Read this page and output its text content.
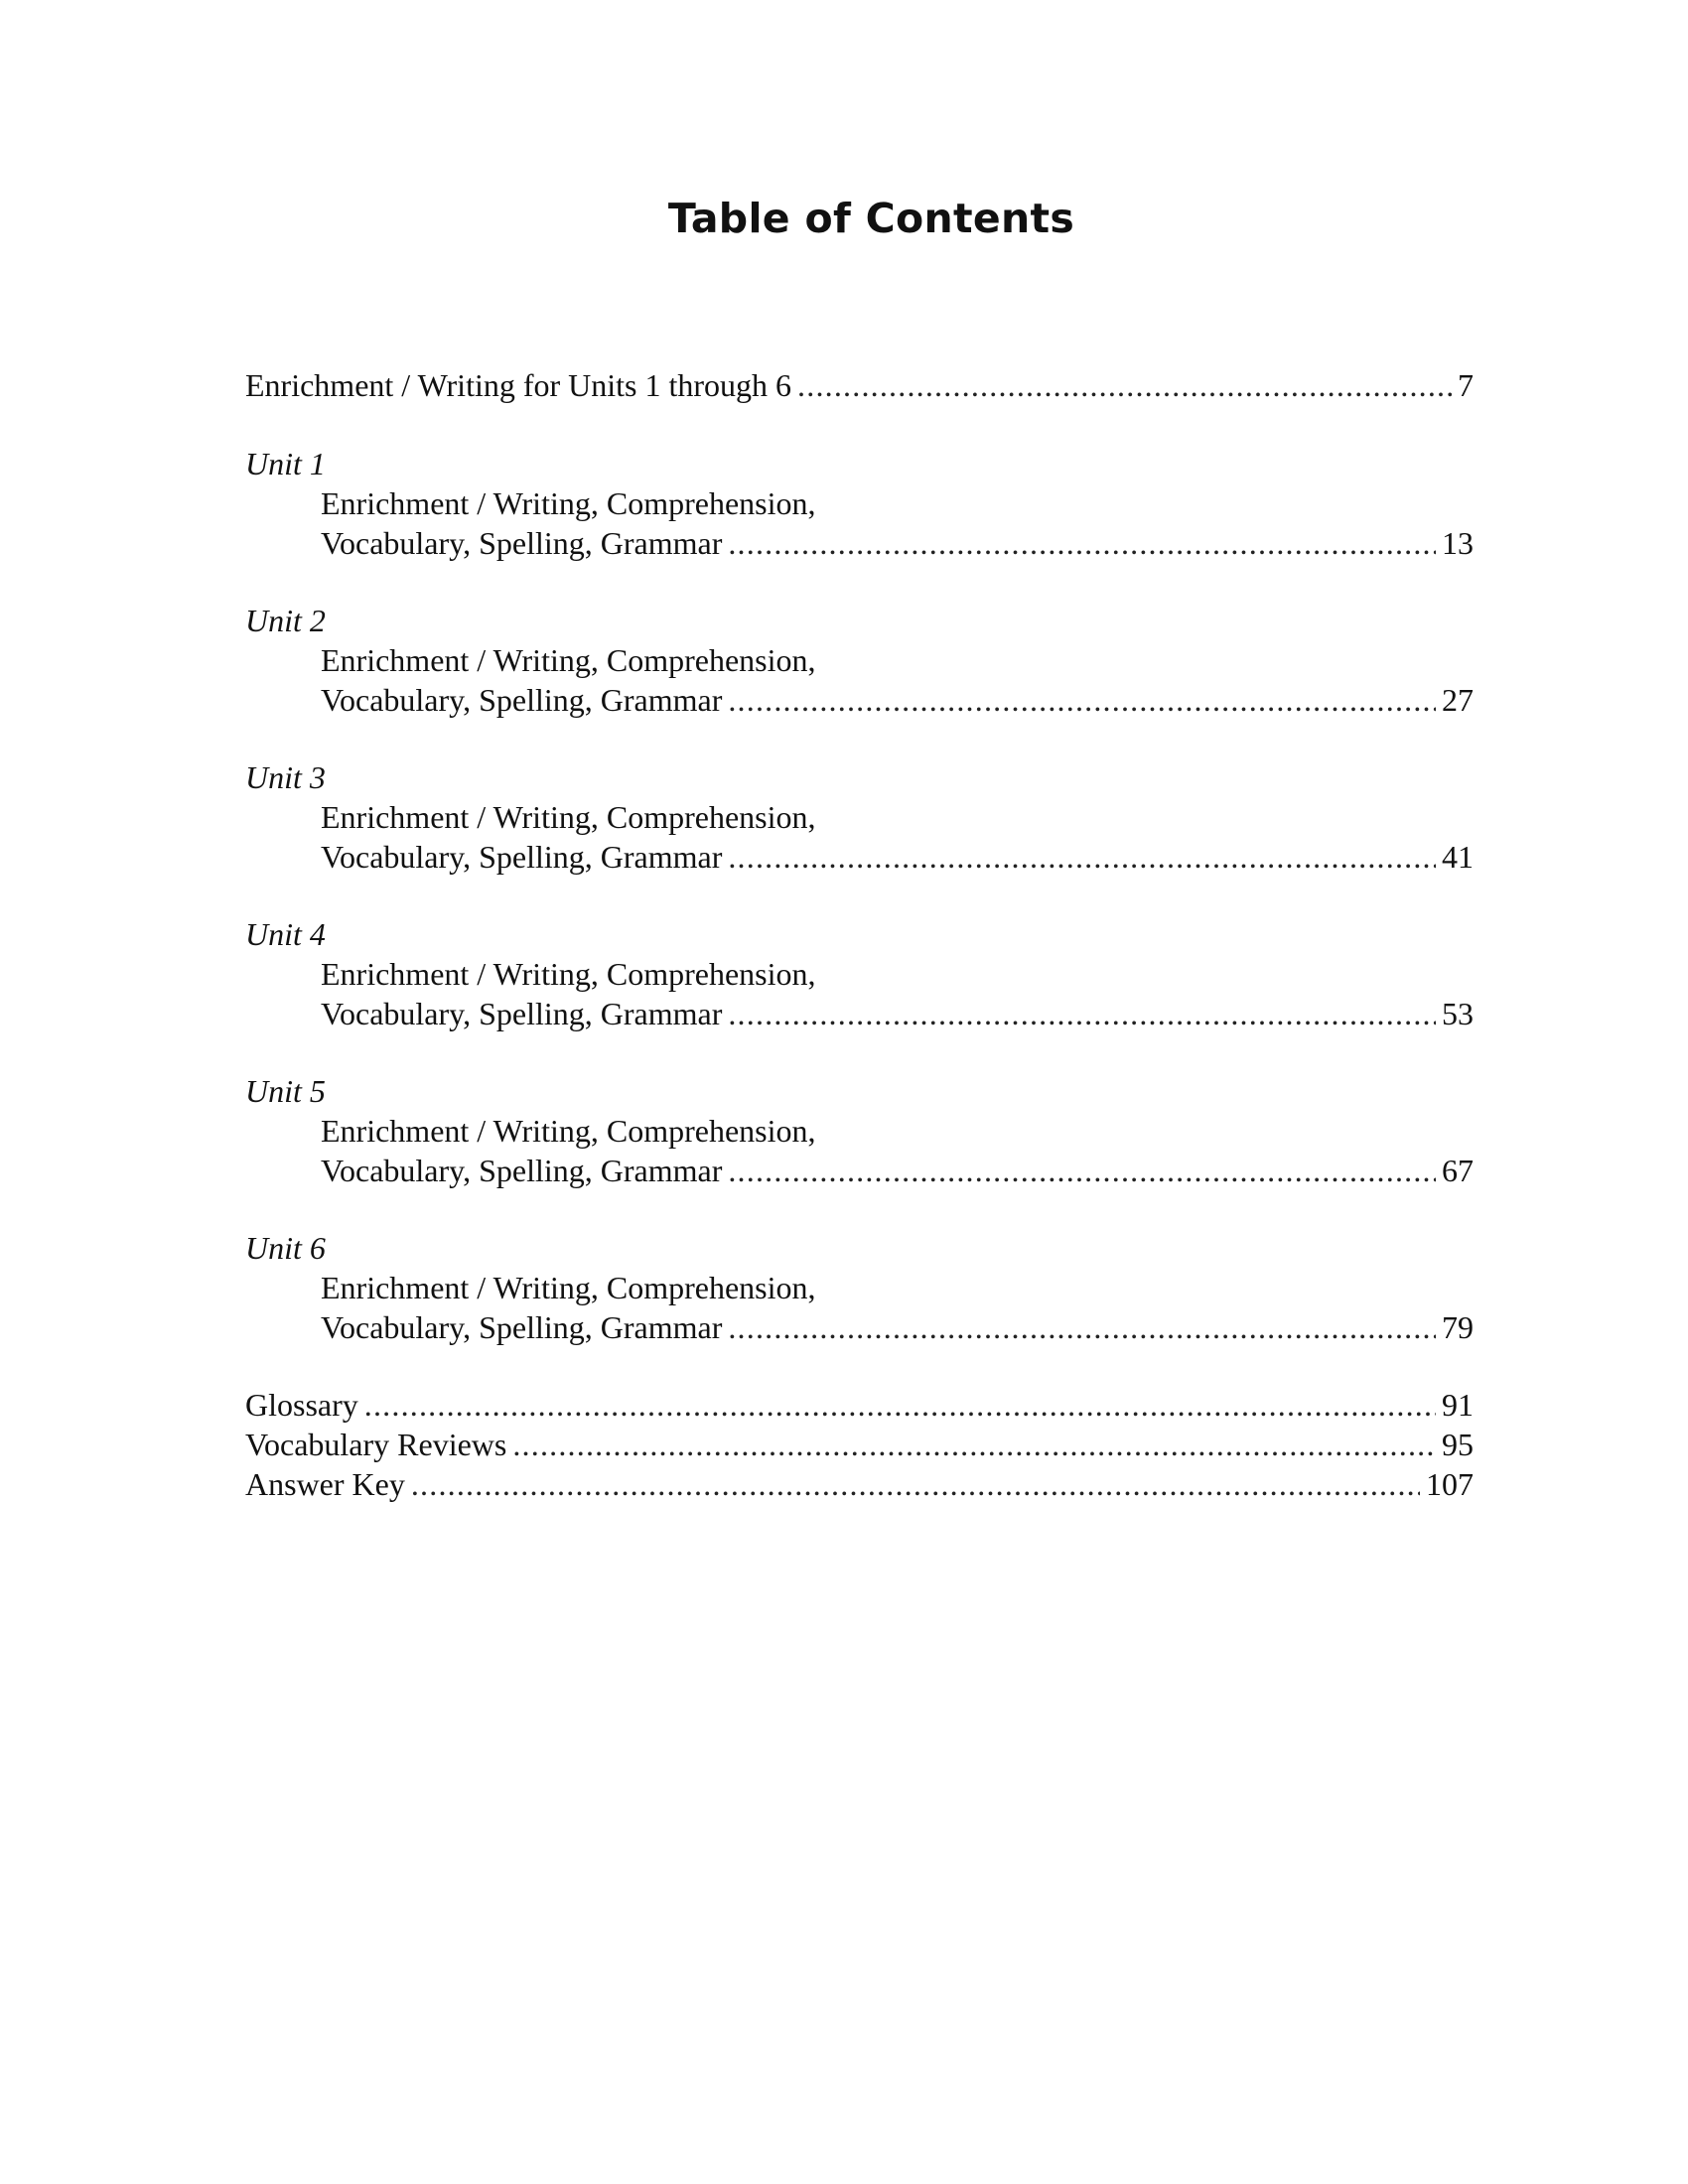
Table of Contents
Enrichment / Writing for Units 1 through 6 .....	7
Unit 1
Enrichment / Writing, Comprehension,
Vocabulary, Spelling, Grammar .....	13
Unit 2
Enrichment / Writing, Comprehension,
Vocabulary, Spelling, Grammar .....	27
Unit 3
Enrichment / Writing, Comprehension,
Vocabulary, Spelling, Grammar .....	41
Unit 4
Enrichment / Writing, Comprehension,
Vocabulary, Spelling, Grammar .....	53
Unit 5
Enrichment / Writing, Comprehension,
Vocabulary, Spelling, Grammar .....	67
Unit 6
Enrichment / Writing, Comprehension,
Vocabulary, Spelling, Grammar .....	79
Glossary .....	91
Vocabulary Reviews .....	95
Answer Key .....	107
